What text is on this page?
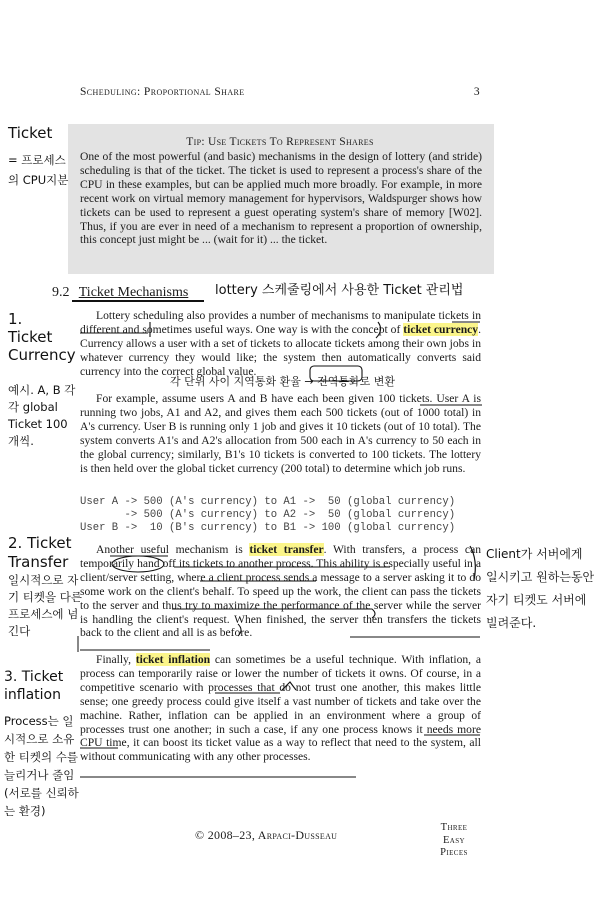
Scheduling: Proportional Share	3
Tip: Use Tickets To Represent Shares
One of the most powerful (and basic) mechanisms in the design of lottery (and stride) scheduling is that of the ticket. The ticket is used to represent a process's share of the CPU in these examples, but can be applied much more broadly. For example, in more recent work on virtual memory management for hypervisors, Waldspurger shows how tickets can be used to represent a guest operating system's share of memory [W02]. Thus, if you are ever in need of a mechanism to represent a proportion of ownership, this concept just might be ... (wait for it) ... the ticket.
9.2 Ticket Mechanisms
Lottery scheduling also provides a number of mechanisms to manipulate tickets in different and sometimes useful ways. One way is with the concept of ticket currency. Currency allows a user with a set of tickets to allocate tickets among their own jobs in whatever currency they would like; the system then automatically converts said currency into the correct global value.
For example, assume users A and B have each been given 100 tickets. User A is running two jobs, A1 and A2, and gives them each 500 tickets (out of 1000 total) in A's currency. User B is running only 1 job and gives it 10 tickets (out of 10 total). The system converts A1's and A2's allocation from 500 each in A's currency to 50 each in the global currency; similarly, B1's 10 tickets is converted to 100 tickets. The lottery is then held over the global ticket currency (200 total) to determine which job runs.
User A -> 500 (A's currency) to A1 ->  50 (global currency)
-> 500 (A's currency) to A2 ->  50 (global currency)
User B ->  10 (B's currency) to B1 -> 100 (global currency)
Another useful mechanism is ticket transfer. With transfers, a process can temporarily hand off its tickets to another process. This ability is especially useful in a client/server setting, where a client process sends a message to a server asking it to do some work on the client's behalf. To speed up the work, the client can pass the tickets to the server and thus try to maximize the performance of the server while the server is handling the client's request. When finished, the server then transfers the tickets back to the client and all is as before.
Finally, ticket inflation can sometimes be a useful technique. With inflation, a process can temporarily raise or lower the number of tickets it owns. Of course, in a competitive scenario with processes that do not trust one another, this makes little sense; one greedy process could give itself a vast number of tickets and take over the machine. Rather, inflation can be applied in an environment where a group of processes trust one another; in such a case, if any one process knows it needs more CPU time, it can boost its ticket value as a way to reflect that need to the system, all without communicating with any other processes.
© 2008–23, Arpaci-Dusseau
Three
Easy
Pieces
Ticket
= 프로세스의 CPU지분
lottery 스케줄링에서 사용한 Ticket 관리법
1. Ticket Currency
예시. A, B 각각 global Ticket 100개씩.
각 단위 사이 지역통화 환율 → 전역통화로 변환
2. Ticket Transfer
일시적으로 자기 티켓을 다른 프로세스에 넘긴다
Client가 서버에게 일시키고 원하는동안 자기 티켓도 서버에 빌려준다.
3. Ticket inflation
Process는 일시적으로 소유한 티켓의 수를 늘리거나 줄임 (서로를 신뢰하는 환경)
